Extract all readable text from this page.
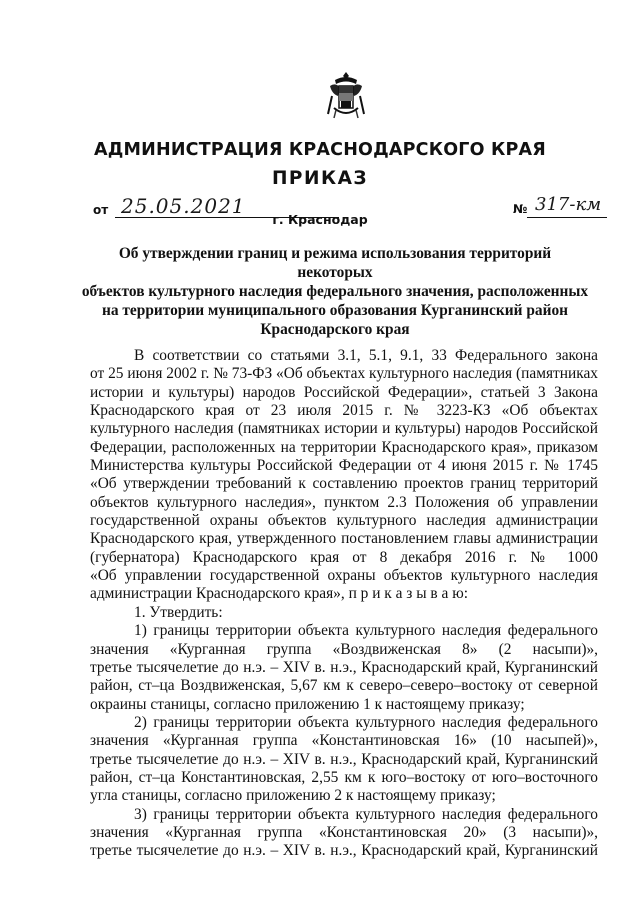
АДМИНИСТРАЦИЯ КРАСНОДАРСКОГО КРАЯ
ПРИКАЗ
от 25.05.2021	№ 317-км
г. Краснодар
Об утверждении границ и режима использования территорий некоторых
объектов культурного наследия федерального значения, расположенных
на территории муниципального образования Курганинский район
Краснодарского края
В соответствии со статьями 3.1, 5.1, 9.1, 33 Федерального закона
от 25 июня 2002 г. № 73-ФЗ «Об объектах культурного наследия (памятниках
истории и культуры) народов Российской Федерации», статьей 3 Закона
Краснодарского края от 23 июля 2015 г. № 3223-КЗ «Об объектах
культурного наследия (памятниках истории и культуры) народов Российской
Федерации, расположенных на территории Краснодарского края», приказом
Министерства культуры Российской Федерации от 4 июня 2015 г. № 1745
«Об утверждении требований к составлению проектов границ территорий
объектов культурного наследия», пунктом 2.3 Положения об управлении
государственной охраны объектов культурного наследия администрации
Краснодарского края, утвержденного постановлением главы администрации
(губернатора) Краснодарского края от 8 декабря 2016 г. № 1000
«Об управлении государственной охраны объектов культурного наследия
администрации Краснодарского края», п р и к а з ы в а ю:
1. Утвердить:
1) границы территории объекта культурного наследия федерального
значения «Курганная группа «Воздвиженская 8» (2 насыпи)»,
третье тысячелетие до н.э. – XIV в. н.э., Краснодарский край, Курганинский
район, ст–ца Воздвиженская, 5,67 км к северо–северо–востоку от северной
окраины станицы, согласно приложению 1 к настоящему приказу;
2) границы территории объекта культурного наследия федерального
значения «Курганная группа «Константиновская 16» (10 насыпей)»,
третье тысячелетие до н.э. – XIV в. н.э., Краснодарский край, Курганинский
район, ст–ца Константиновская, 2,55 км к юго–востоку от юго–восточного
угла станицы, согласно приложению 2 к настоящему приказу;
3) границы территории объекта культурного наследия федерального
значения «Курганная группа «Константиновская 20» (3 насыпи)»,
третье тысячелетие до н.э. – XIV в. н.э., Краснодарский край, Курганинский
